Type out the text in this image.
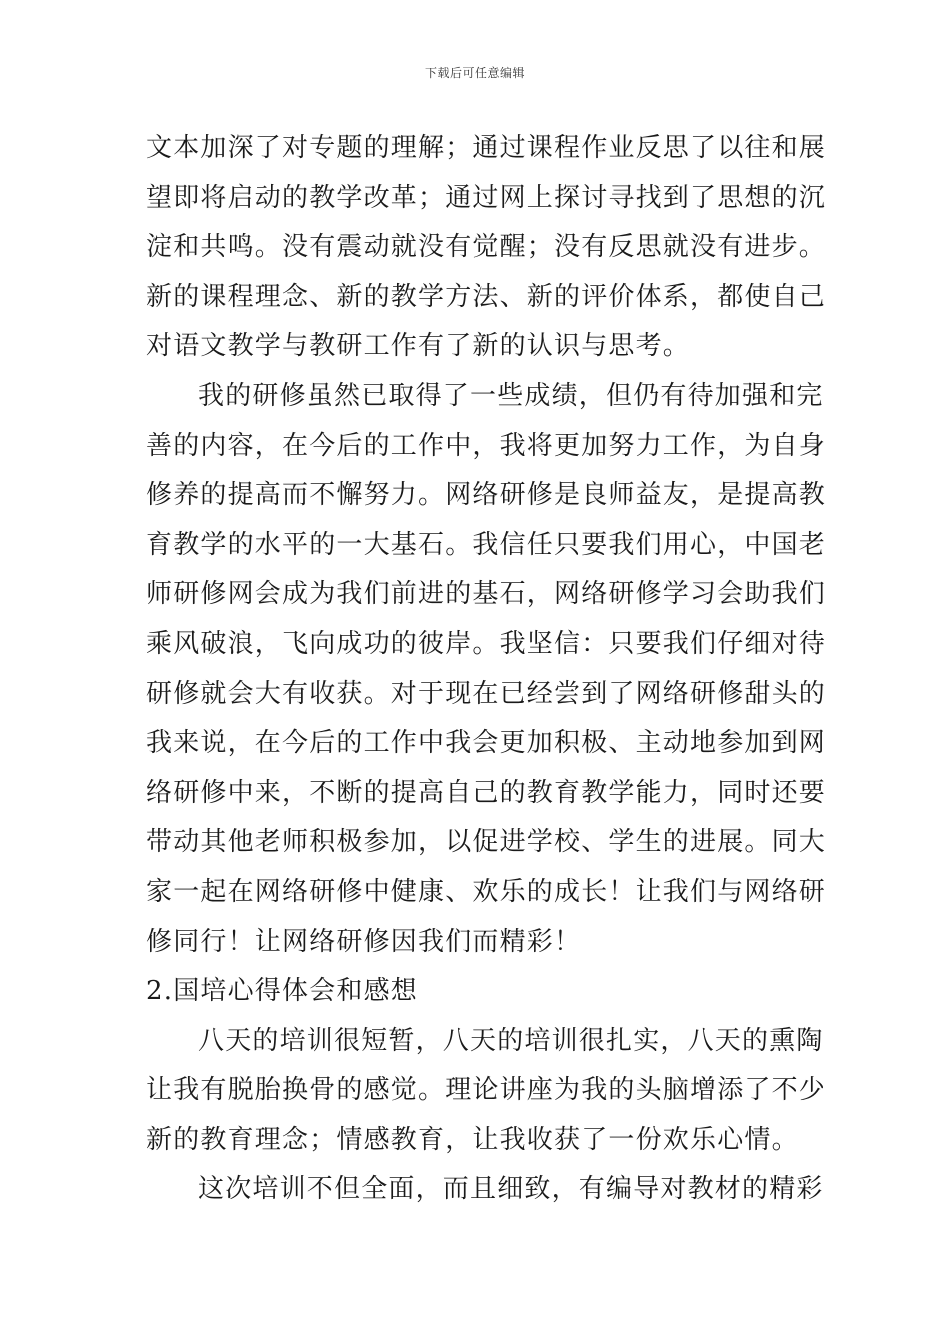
下载后可任意编辑
文本加深了对专题的理解；通过课程作业反思了以往和展
望即将启动的教学改革；通过网上探讨寻找到了思想的沉
淀和共鸣。没有震动就没有觉醒；没有反思就没有进步。
新的课程理念、新的教学方法、新的评价体系，都使自己
对语文教学与教研工作有了新的认识与思考。
我的研修虽然已取得了一些成绩，但仍有待加强和完
善的内容，在今后的工作中，我将更加努力工作，为自身
修养的提高而不懈努力。网络研修是良师益友，是提高教
育教学的水平的一大基石。我信任只要我们用心，中国老
师研修网会成为我们前进的基石，网络研修学习会助我们
乘风破浪，飞向成功的彼岸。我坚信：只要我们仔细对待
研修就会大有收获。对于现在已经尝到了网络研修甜头的
我来说，在今后的工作中我会更加积极、主动地参加到网
络研修中来，不断的提高自己的教育教学能力，同时还要
带动其他老师积极参加，以促进学校、学生的进展。同大
家一起在网络研修中健康、欢乐的成长！让我们与网络研
修同行！让网络研修因我们而精彩！
2.国培心得体会和感想
八天的培训很短暂，八天的培训很扎实，八天的熏陶
让我有脱胎换骨的感觉。理论讲座为我的头脑增添了不少
新的教育理念；情感教育，让我收获了一份欢乐心情。
这次培训不但全面，而且细致，有编导对教材的精彩
